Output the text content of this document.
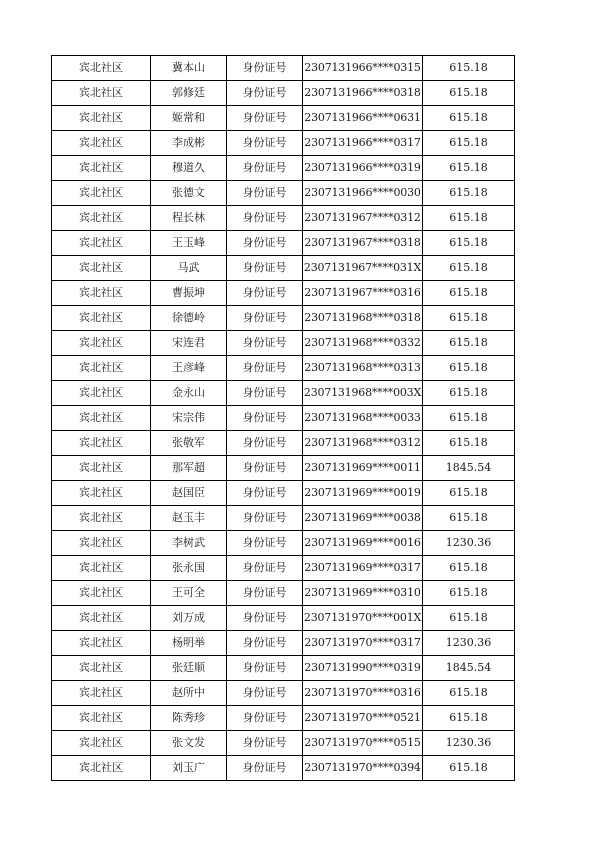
宾北社区	冀本山	身份证号	2307131966****0315	615.18
宾北社区	郭修廷	身份证号	2307131966****0318	615.18
宾北社区	姬常和	身份证号	2307131966****0631	615.18
宾北社区	李成彬	身份证号	2307131966****0317	615.18
宾北社区	穆道久	身份证号	2307131966****0319	615.18
宾北社区	张德文	身份证号	2307131966****0030	615.18
宾北社区	程长林	身份证号	2307131967****0312	615.18
宾北社区	王玉峰	身份证号	2307131967****0318	615.18
宾北社区	马武	身份证号	2307131967****031X	615.18
宾北社区	曹振坤	身份证号	2307131967****0316	615.18
宾北社区	徐德岭	身份证号	2307131968****0318	615.18
宾北社区	宋连君	身份证号	2307131968****0332	615.18
宾北社区	王彦峰	身份证号	2307131968****0313	615.18
宾北社区	金永山	身份证号	2307131968****003X	615.18
宾北社区	宋宗伟	身份证号	2307131968****0033	615.18
宾北社区	张敬军	身份证号	2307131968****0312	615.18
宾北社区	那军超	身份证号	2307131969****0011	1845.54
宾北社区	赵国臣	身份证号	2307131969****0019	615.18
宾北社区	赵玉丰	身份证号	2307131969****0038	615.18
宾北社区	李树武	身份证号	2307131969****0016	1230.36
宾北社区	张永国	身份证号	2307131969****0317	615.18
宾北社区	王可全	身份证号	2307131969****0310	615.18
宾北社区	刘万成	身份证号	2307131970****001X	615.18
宾北社区	杨明举	身份证号	2307131970****0317	1230.36
宾北社区	张廷顺	身份证号	2307131990****0319	1845.54
宾北社区	赵所中	身份证号	2307131970****0316	615.18
宾北社区	陈秀珍	身份证号	2307131970****0521	615.18
宾北社区	张文发	身份证号	2307131970****0515	1230.36
宾北社区	刘玉广	身份证号	2307131970****0394	615.18
